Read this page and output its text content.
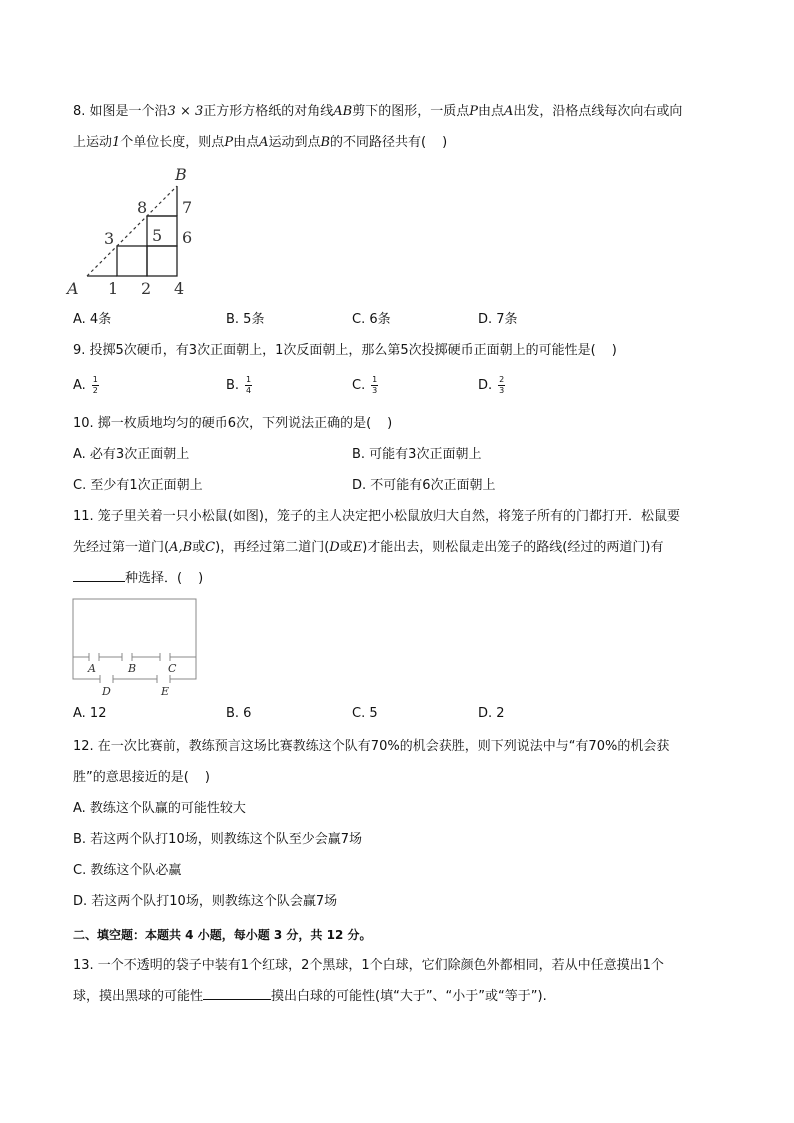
8. 如图是一个沿3 × 3正方形方格纸的对角线AB剪下的图形，一质点P由点A出发，沿格点线每次向右或向
上运动1个单位长度，则点P由点A运动到点B的不同路径共有( )
A
B
1 2 4
3 5 6
8 7
A. 4条	B. 5条	C. 6条	D. 7条
9. 投掷5次硬币，有3次正面朝上，1次反面朝上，那么第5次投掷硬币正面朝上的可能性是( )
A. $\frac{1}{2}$	B. $\frac{1}{4}$	C. $\frac{1}{3}$	D. $\frac{2}{3}$
10. 掷一枚质地均匀的硬币6次，下列说法正确的是( )
A. 必有3次正面朝上	B. 可能有3次正面朝上
C. 至少有1次正面朝上	D. 不可能有6次正面朝上
11. 笼子里关着一只小松鼠(如图)，笼子的主人决定把小松鼠放归大自然，将笼子所有的门都打开．松鼠要
先经过第一道门(A,B或C)，再经过第二道门(D或E)才能出去，则松鼠走出笼子的路线(经过的两道门)有
种选择．( )
A	B	C
D	E
A. 12	B. 6	C. 5	D. 2
12. 在一次比赛前，教练预言这场比赛教练这个队有70%的机会获胜，则下列说法中与“有70%的机会获
胜”的意思接近的是( )
A. 教练这个队赢的可能性较大
B. 若这两个队打10场，则教练这个队至少会赢7场
C. 教练这个队必赢
D. 若这两个队打10场，则教练这个队会赢7场
二、填空题：本题共 4 小题，每小题 3 分，共 12 分。
13. 一个不透明的袋子中装有1个红球，2个黑球，1个白球，它们除颜色外都相同，若从中任意摸出1个
球，摸出黑球的可能性	摸出白球的可能性(填“大于”、“小于”或“等于”).
